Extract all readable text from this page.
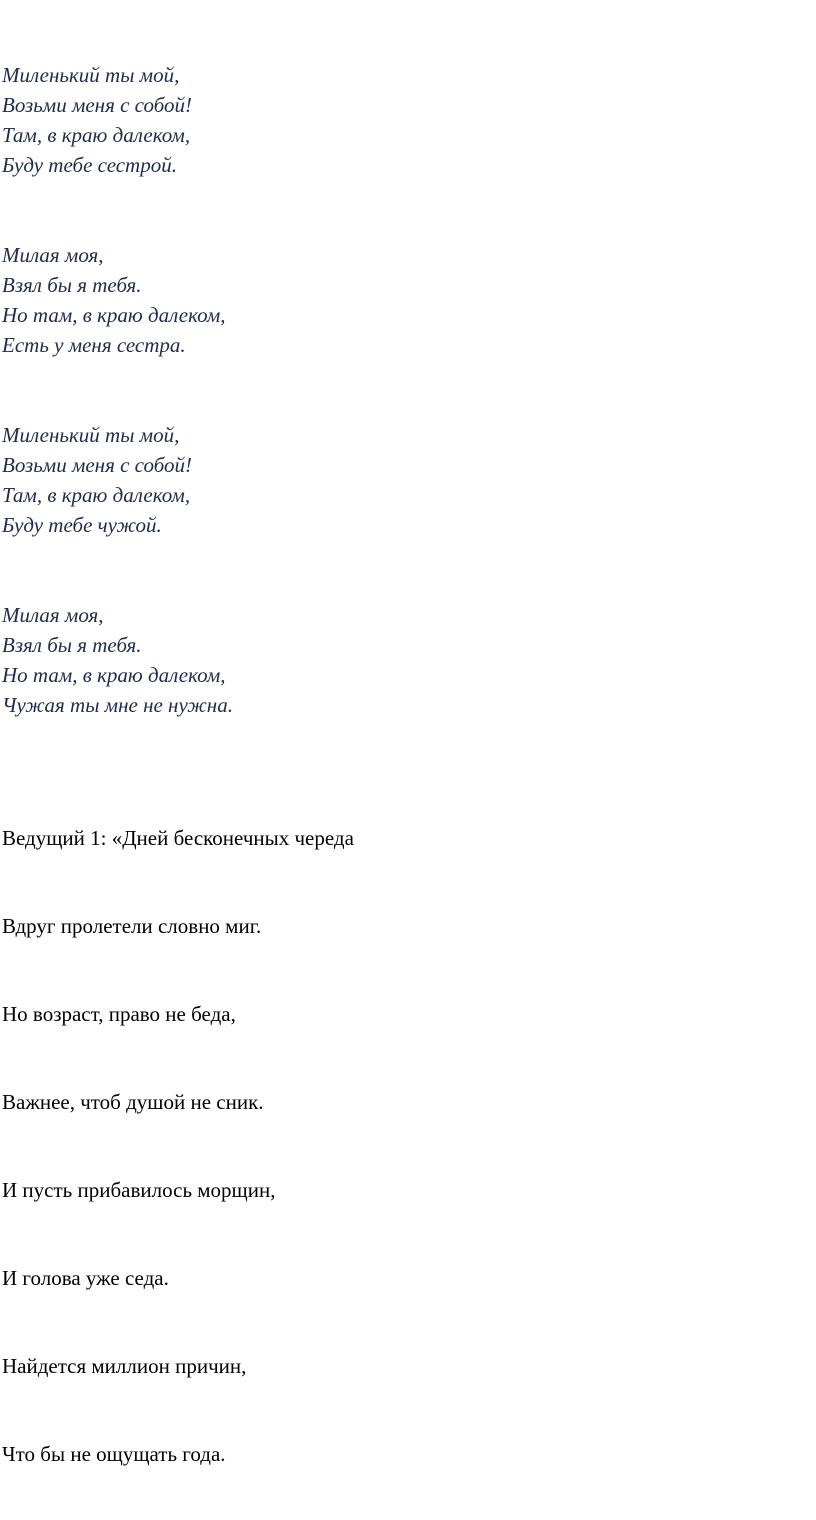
Миленький ты мой,
Возьми меня с собой!
Там, в краю далеком,
Буду тебе сестрой.
Милая моя,
Взял бы я тебя.
Но там, в краю далеком,
Есть у меня сестра.
Миленький ты мой,
Возьми меня с собой!
Там, в краю далеком,
Буду тебе чужой.
Милая моя,
Взял бы я тебя.
Но там, в краю далеком,
Чужая ты мне не нужна.
Ведущий 1: «Дней бесконечных череда

Вдруг пролетели словно миг.

Но возраст, право не беда,

Важнее, чтоб душой не сник.
И пусть прибавилось морщин,

И голова уже седа.

Найдется миллион причин,

Что бы не ощущать года.
